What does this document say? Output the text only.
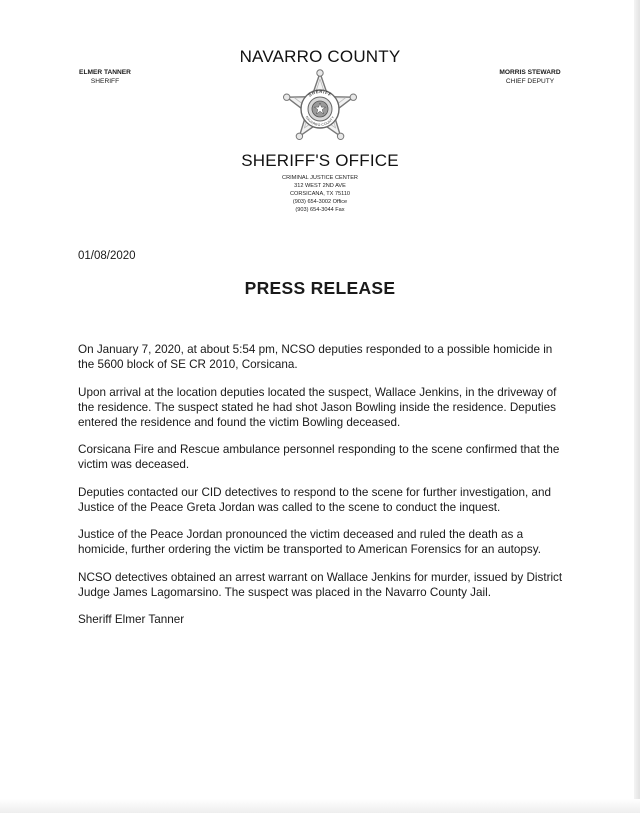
NAVARRO COUNTY
ELMER TANNER
SHERIFF
MORRIS STEWARD
CHIEF DEPUTY
SHERIFF
NAVARRO COUNTY
SHERIFF'S OFFICE
CRIMINAL JUSTICE CENTER
312 WEST 2ND AVE
CORSICANA, TX 75110
(903) 654-3002 Office
(903) 654-3044 Fax
01/08/2020
PRESS RELEASE

On January 7, 2020, at about 5:54 pm, NCSO deputies responded to a possible homicide in the 5600 block of SE CR 2010, Corsicana.

Upon arrival at the location deputies located the suspect, Wallace Jenkins, in the driveway of the residence. The suspect stated he had shot Jason Bowling inside the residence. Deputies entered the residence and found the victim Bowling deceased.

Corsicana Fire and Rescue ambulance personnel responding to the scene confirmed that the victim was deceased.

Deputies contacted our CID detectives to respond to the scene for further investigation, and Justice of the Peace Greta Jordan was called to the scene to conduct the inquest.

Justice of the Peace Jordan pronounced the victim deceased and ruled the death as a homicide, further ordering the victim be transported to American Forensics for an autopsy.

NCSO detectives obtained an arrest warrant on Wallace Jenkins for murder, issued by District Judge James Lagomarsino. The suspect was placed in the Navarro County Jail.

Sheriff Elmer Tanner
